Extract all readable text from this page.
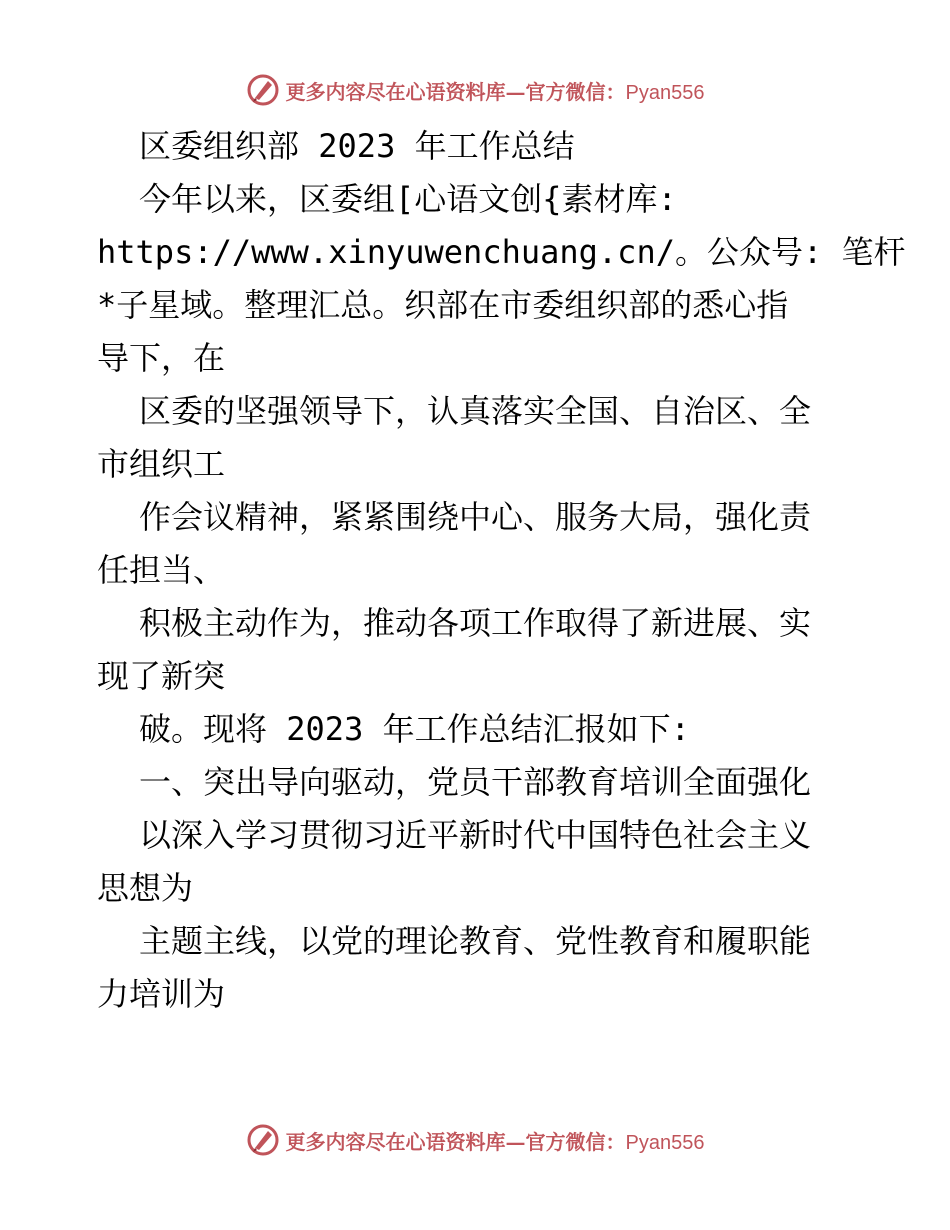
更多内容尽在心语资料库—官方微信：Pyan556
区委组织部 2023 年工作总结
今年以来，区委组[心语文创{素材库:
https://www.xinyuwenchuang.cn/。公众号: 笔杆
*子星域。整理汇总。织部在市委组织部的悉心指
导下，在
区委的坚强领导下，认真落实全国、自治区、全
市组织工
作会议精神，紧紧围绕中心、服务大局，强化责
任担当、
积极主动作为，推动各项工作取得了新进展、实
现了新突
破。现将 2023 年工作总结汇报如下:
一、突出导向驱动，党员干部教育培训全面强化
以深入学习贯彻习近平新时代中国特色社会主义
思想为
主题主线，以党的理论教育、党性教育和履职能
力培训为
更多内容尽在心语资料库—官方微信：Pyan556
